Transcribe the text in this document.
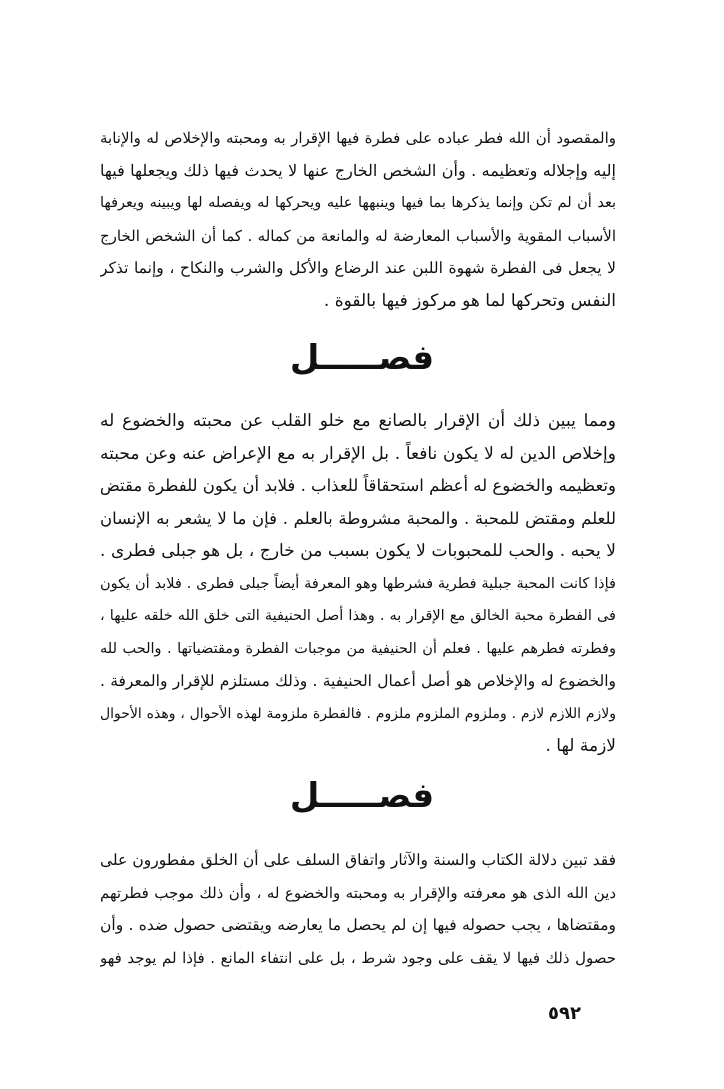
والمقصود أن الله فطر عباده على فطرة فيها الإقرار به ومحبته والإخلاص له والإنابة
إليه وإجلاله وتعظيمه . وأن الشخص الخارج عنها لا يحدث فيها ذلك ويجعلها فيها
بعد أن لم تكن وإنما يذكرها بما فيها وينبهها عليه ويحركها له ويفصله لها ويبينه ويعرفها
الأسباب المقوية والأسباب المعارضة له والمانعة من كماله . كما أن الشخص الخارج
لا يجعل فى الفطرة شهوة اللبن عند الرضاع والأكل والشرب والنكاح ، وإنما تذكر
النفس وتحركها لما هو مركوز فيها بالقوة .
فصـــــل
ومما يبين ذلك أن الإقرار بالصانع مع خلو القلب عن محبته والخضوع له
وإخلاص الدين له لا يكون نافعاً . بل الإقرار به مع الإعراض عنه وعن محبته
وتعظيمه والخضوع له أعظم استحقاقاً للعذاب . فلابد أن يكون للفطرة مقتض
للعلم ومقتض للمحبة . والمحبة مشروطة بالعلم . فإن ما لا يشعر به الإنسان
لا يحبه . والحب للمحبوبات لا يكون بسبب من خارج ، بل هو جبلى فطرى .
فإذا كانت المحبة جبلية فطرية فشرطها وهو المعرفة أيضاً جبلى فطرى . فلابد أن يكون
فى الفطرة محبة الخالق مع الإقرار به . وهذا أصل الحنيفية التى خلق الله خلقه عليها ،
وفطرته فطرهم عليها . فعلم أن الحنيفية من موجبات الفطرة ومقتضياتها . والحب لله
والخضوع له والإخلاص هو أصل أعمال الحنيفية . وذلك مستلزم للإقرار والمعرفة .
ولازم اللازم لازم . وملزوم الملزوم ملزوم . فالفطرة ملزومة لهذه الأحوال ، وهذه الأحوال
لازمة لها .
فصـــــل
فقد تبين دلالة الكتاب والسنة والآثار واتفاق السلف على أن الخلق مفطورون على
دين الله الذى هو معرفته والإقرار به ومحبته والخضوع له ، وأن ذلك موجب فطرتهم
ومقتضاها ، يجب حصوله فيها إن لم يحصل ما يعارضه ويقتضى حصول ضده . وأن
حصول ذلك فيها لا يقف على وجود شرط ، بل على انتفاء المانع . فإذا لم يوجد فهو
٥٩٢
